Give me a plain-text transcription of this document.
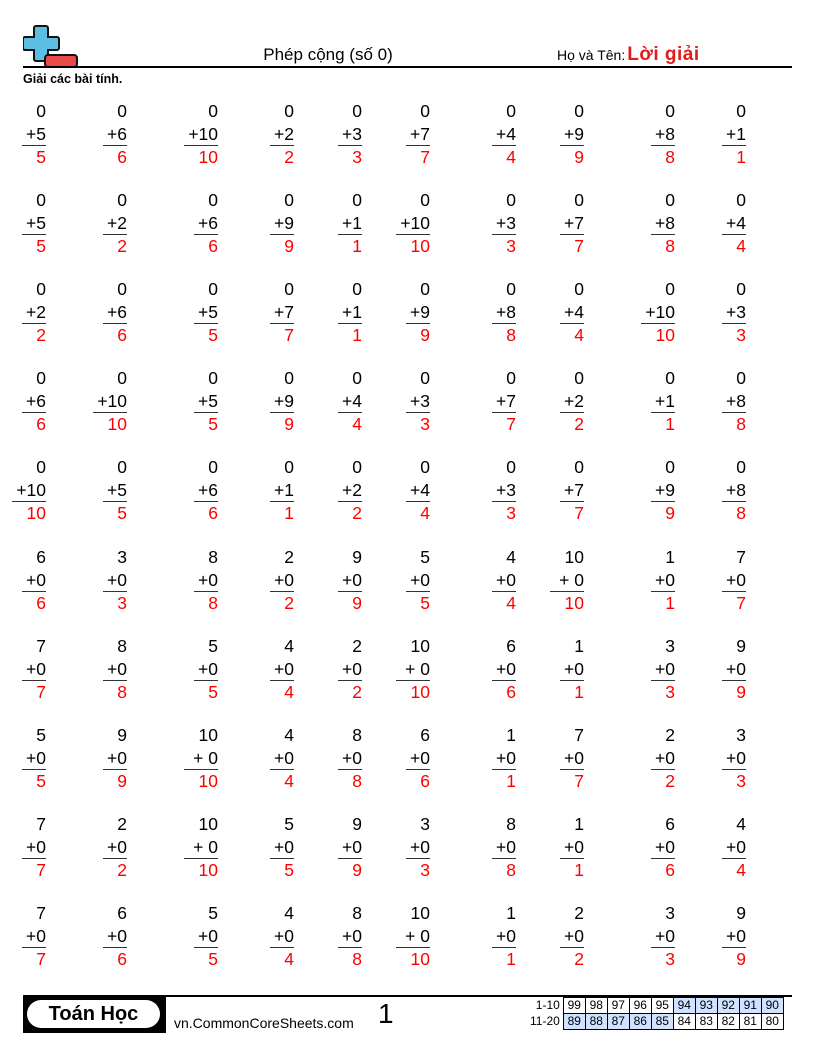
Phép cộng (số 0)	Họ và Tên: Lời giải
Giải các bài tính.
0
+5
5
0
+6
6
0
+10
10
0
+2
2
0
+3
3
0
+7
7
0
+4
4
0
+9
9
0
+8
8
0
+1
1
0
+5
5
0
+2
2
0
+6
6
0
+9
9
0
+1
1
0
+10
10
0
+3
3
0
+7
7
0
+8
8
0
+4
4
0
+2
2
0
+6
6
0
+5
5
0
+7
7
0
+1
1
0
+9
9
0
+8
8
0
+4
4
0
+10
10
0
+3
3
0
+6
6
0
+10
10
0
+5
5
0
+9
9
0
+4
4
0
+3
3
0
+7
7
0
+2
2
0
+1
1
0
+8
8
0
+10
10
0
+5
5
0
+6
6
0
+1
1
0
+2
2
0
+4
4
0
+3
3
0
+7
7
0
+9
9
0
+8
8
6
+0
6
3
+0
3
8
+0
8
2
+0
2
9
+0
9
5
+0
5
4
+0
4
10
+ 0
10
1
+0
1
7
+0
7
7
+0
7
8
+0
8
5
+0
5
4
+0
4
2
+0
2
10
+ 0
10
6
+0
6
1
+0
1
3
+0
3
9
+0
9
5
+0
5
9
+0
9
10
+ 0
10
4
+0
4
8
+0
8
6
+0
6
1
+0
1
7
+0
7
2
+0
2
3
+0
3
7
+0
7
2
+0
2
10
+ 0
10
5
+0
5
9
+0
9
3
+0
3
8
+0
8
1
+0
1
6
+0
6
4
+0
4
7
+0
7
6
+0
6
5
+0
5
4
+0
4
8
+0
8
10
+ 0
10
1
+0
1
2
+0
2
3
+0
3
9
+0
9
Toán Học	vn.CommonCoreSheets.com 1	1-10	99	98	97	96	95	94	93	92	91	90
11-20	89	88	87	86	85	84	83	82	81	80
